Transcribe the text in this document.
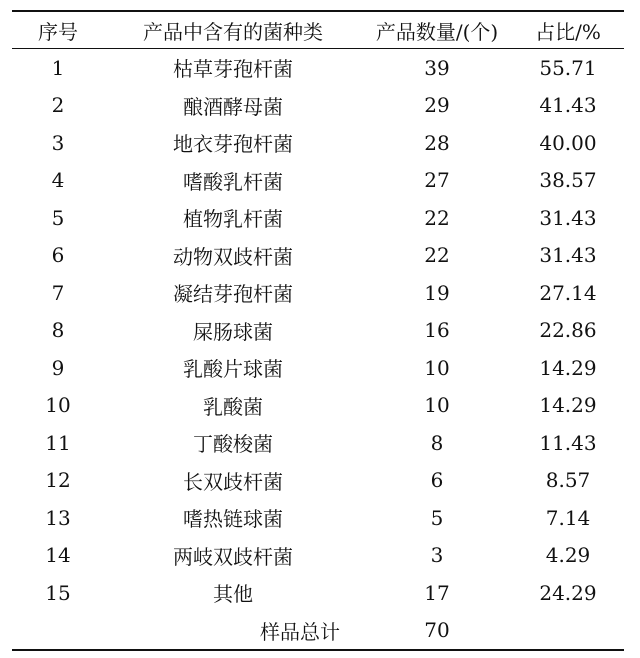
序号	产品中含有的菌种类	产品数量/(个)	占比/%
1	枯草芽孢杆菌	39	55.71
2	酿酒酵母菌	29	41.43
3	地衣芽孢杆菌	28	40.00
4	嗜酸乳杆菌	27	38.57
5	植物乳杆菌	22	31.43
6	动物双歧杆菌	22	31.43
7	凝结芽孢杆菌	19	27.14
8	屎肠球菌	16	22.86
9	乳酸片球菌	10	14.29
10	乳酸菌	10	14.29
11	丁酸梭菌	8	11.43
12	长双歧杆菌	6	8.57
13	嗜热链球菌	5	7.14
14	两岐双歧杆菌	3	4.29
15	其他	17	24.29
	样品总计	70	
